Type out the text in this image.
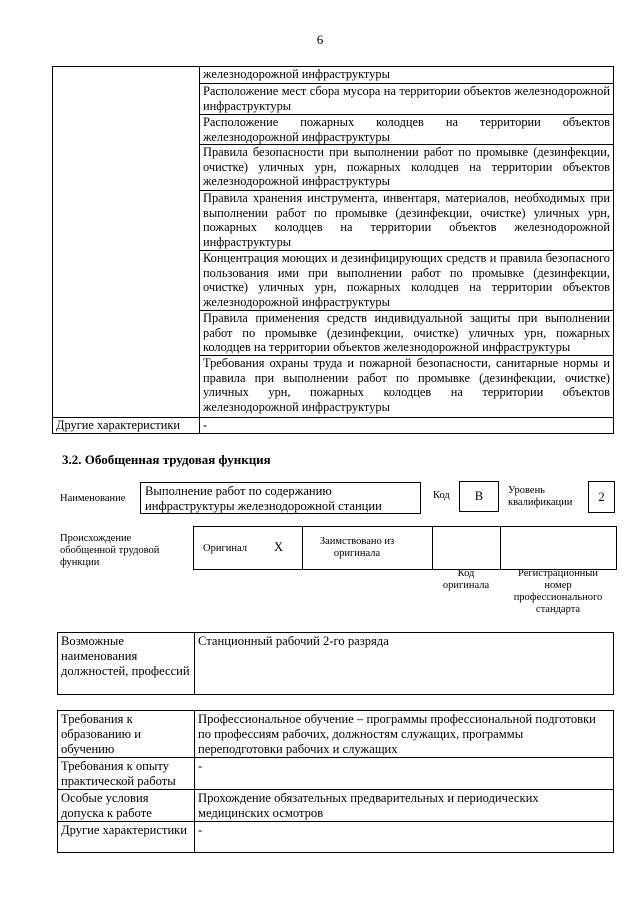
6
	железнодорожной инфраструктуры
	Расположение мест сбора мусора на территории объектов железнодорожной инфраструктуры
	Расположение пожарных колодцев на территории объектов железнодорожной инфраструктуры
	Правила безопасности при выполнении работ по промывке (дезинфекции, очистке) уличных урн, пожарных колодцев на территории объектов железнодорожной инфраструктуры
	Правила хранения инструмента, инвентаря, материалов, необходимых при выполнении работ по промывке (дезинфекции, очистке) уличных урн, пожарных колодцев на территории объектов железнодорожной инфраструктуры
	Концентрация моющих и дезинфицирующих средств и правила безопасного пользования ими при выполнении работ по промывке (дезинфекции, очистке) уличных урн, пожарных колодцев на территории объектов железнодорожной инфраструктуры
	Правила применения средств индивидуальной защиты при выполнении работ по промывке (дезинфекции, очистке) уличных урн, пожарных колодцев на территории объектов железнодорожной инфраструктуры
	Требования охраны труда и пожарной безопасности, санитарные нормы и правила при выполнении работ по промывке (дезинфекции, очистке) уличных урн, пожарных колодцев на территории объектов железнодорожной инфраструктуры
Другие характеристики	-
3.2. Обобщенная трудовая функция
Наименование
Выполнение работ по содержанию инфраструктуры железнодорожной станции
Код	В	Уровень квалификации	2
Происхождение обобщенной трудовой функции
Оригинал Х	Заимствовано из оригинала
Код оригинала
Регистрационный номер профессионального стандарта
Возможные наименования должностей, профессий	Станционный рабочий 2-го разряда
Требования к образованию и обучению	Профессиональное обучение – программы профессиональной подготовки по профессиям рабочих, должностям служащих, программы переподготовки рабочих и служащих
Требования к опыту практической работы	-
Особые условия допуска к работе	Прохождение обязательных предварительных и периодических медицинских осмотров
Другие характеристики	-
